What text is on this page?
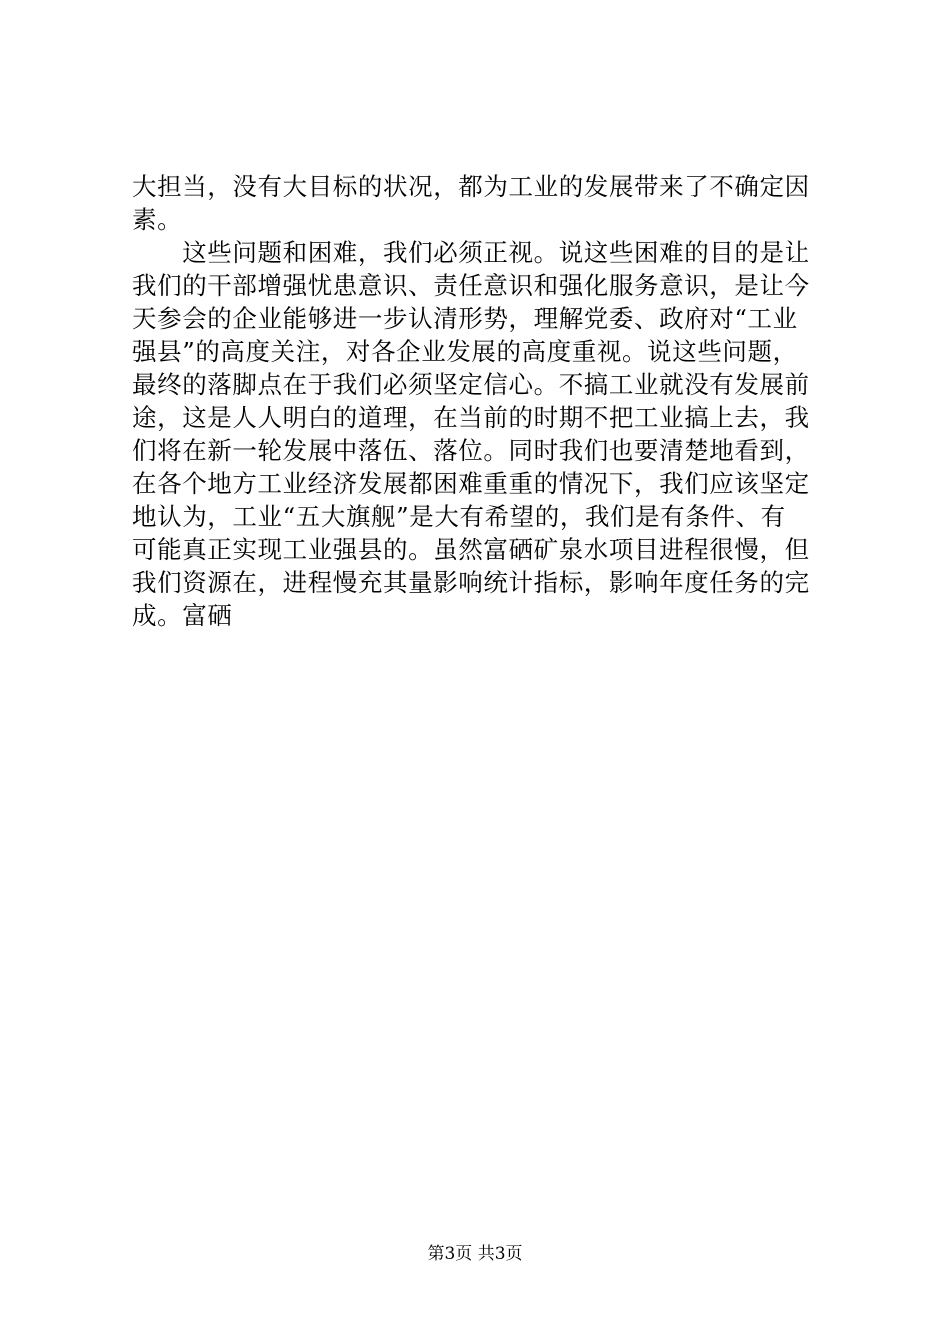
大担当，没有大目标的状况，都为工业的发展带来了不确定因
素。
　　这些问题和困难，我们必须正视。说这些困难的目的是让
我们的干部增强忧患意识、责任意识和强化服务意识，是让今
天参会的企业能够进一步认清形势，理解党委、政府对“工业
强县”的高度关注，对各企业发展的高度重视。说这些问题，
最终的落脚点在于我们必须坚定信心。不搞工业就没有发展前
途，这是人人明白的道理，在当前的时期不把工业搞上去，我
们将在新一轮发展中落伍、落位。同时我们也要清楚地看到，
在各个地方工业经济发展都困难重重的情况下，我们应该坚定
地认为，工业“五大旗舰”是大有希望的，我们是有条件、有
可能真正实现工业强县的。虽然富硒矿泉水项目进程很慢，但
我们资源在，进程慢充其量影响统计指标，影响年度任务的完
成。富硒
第3页 共3页
